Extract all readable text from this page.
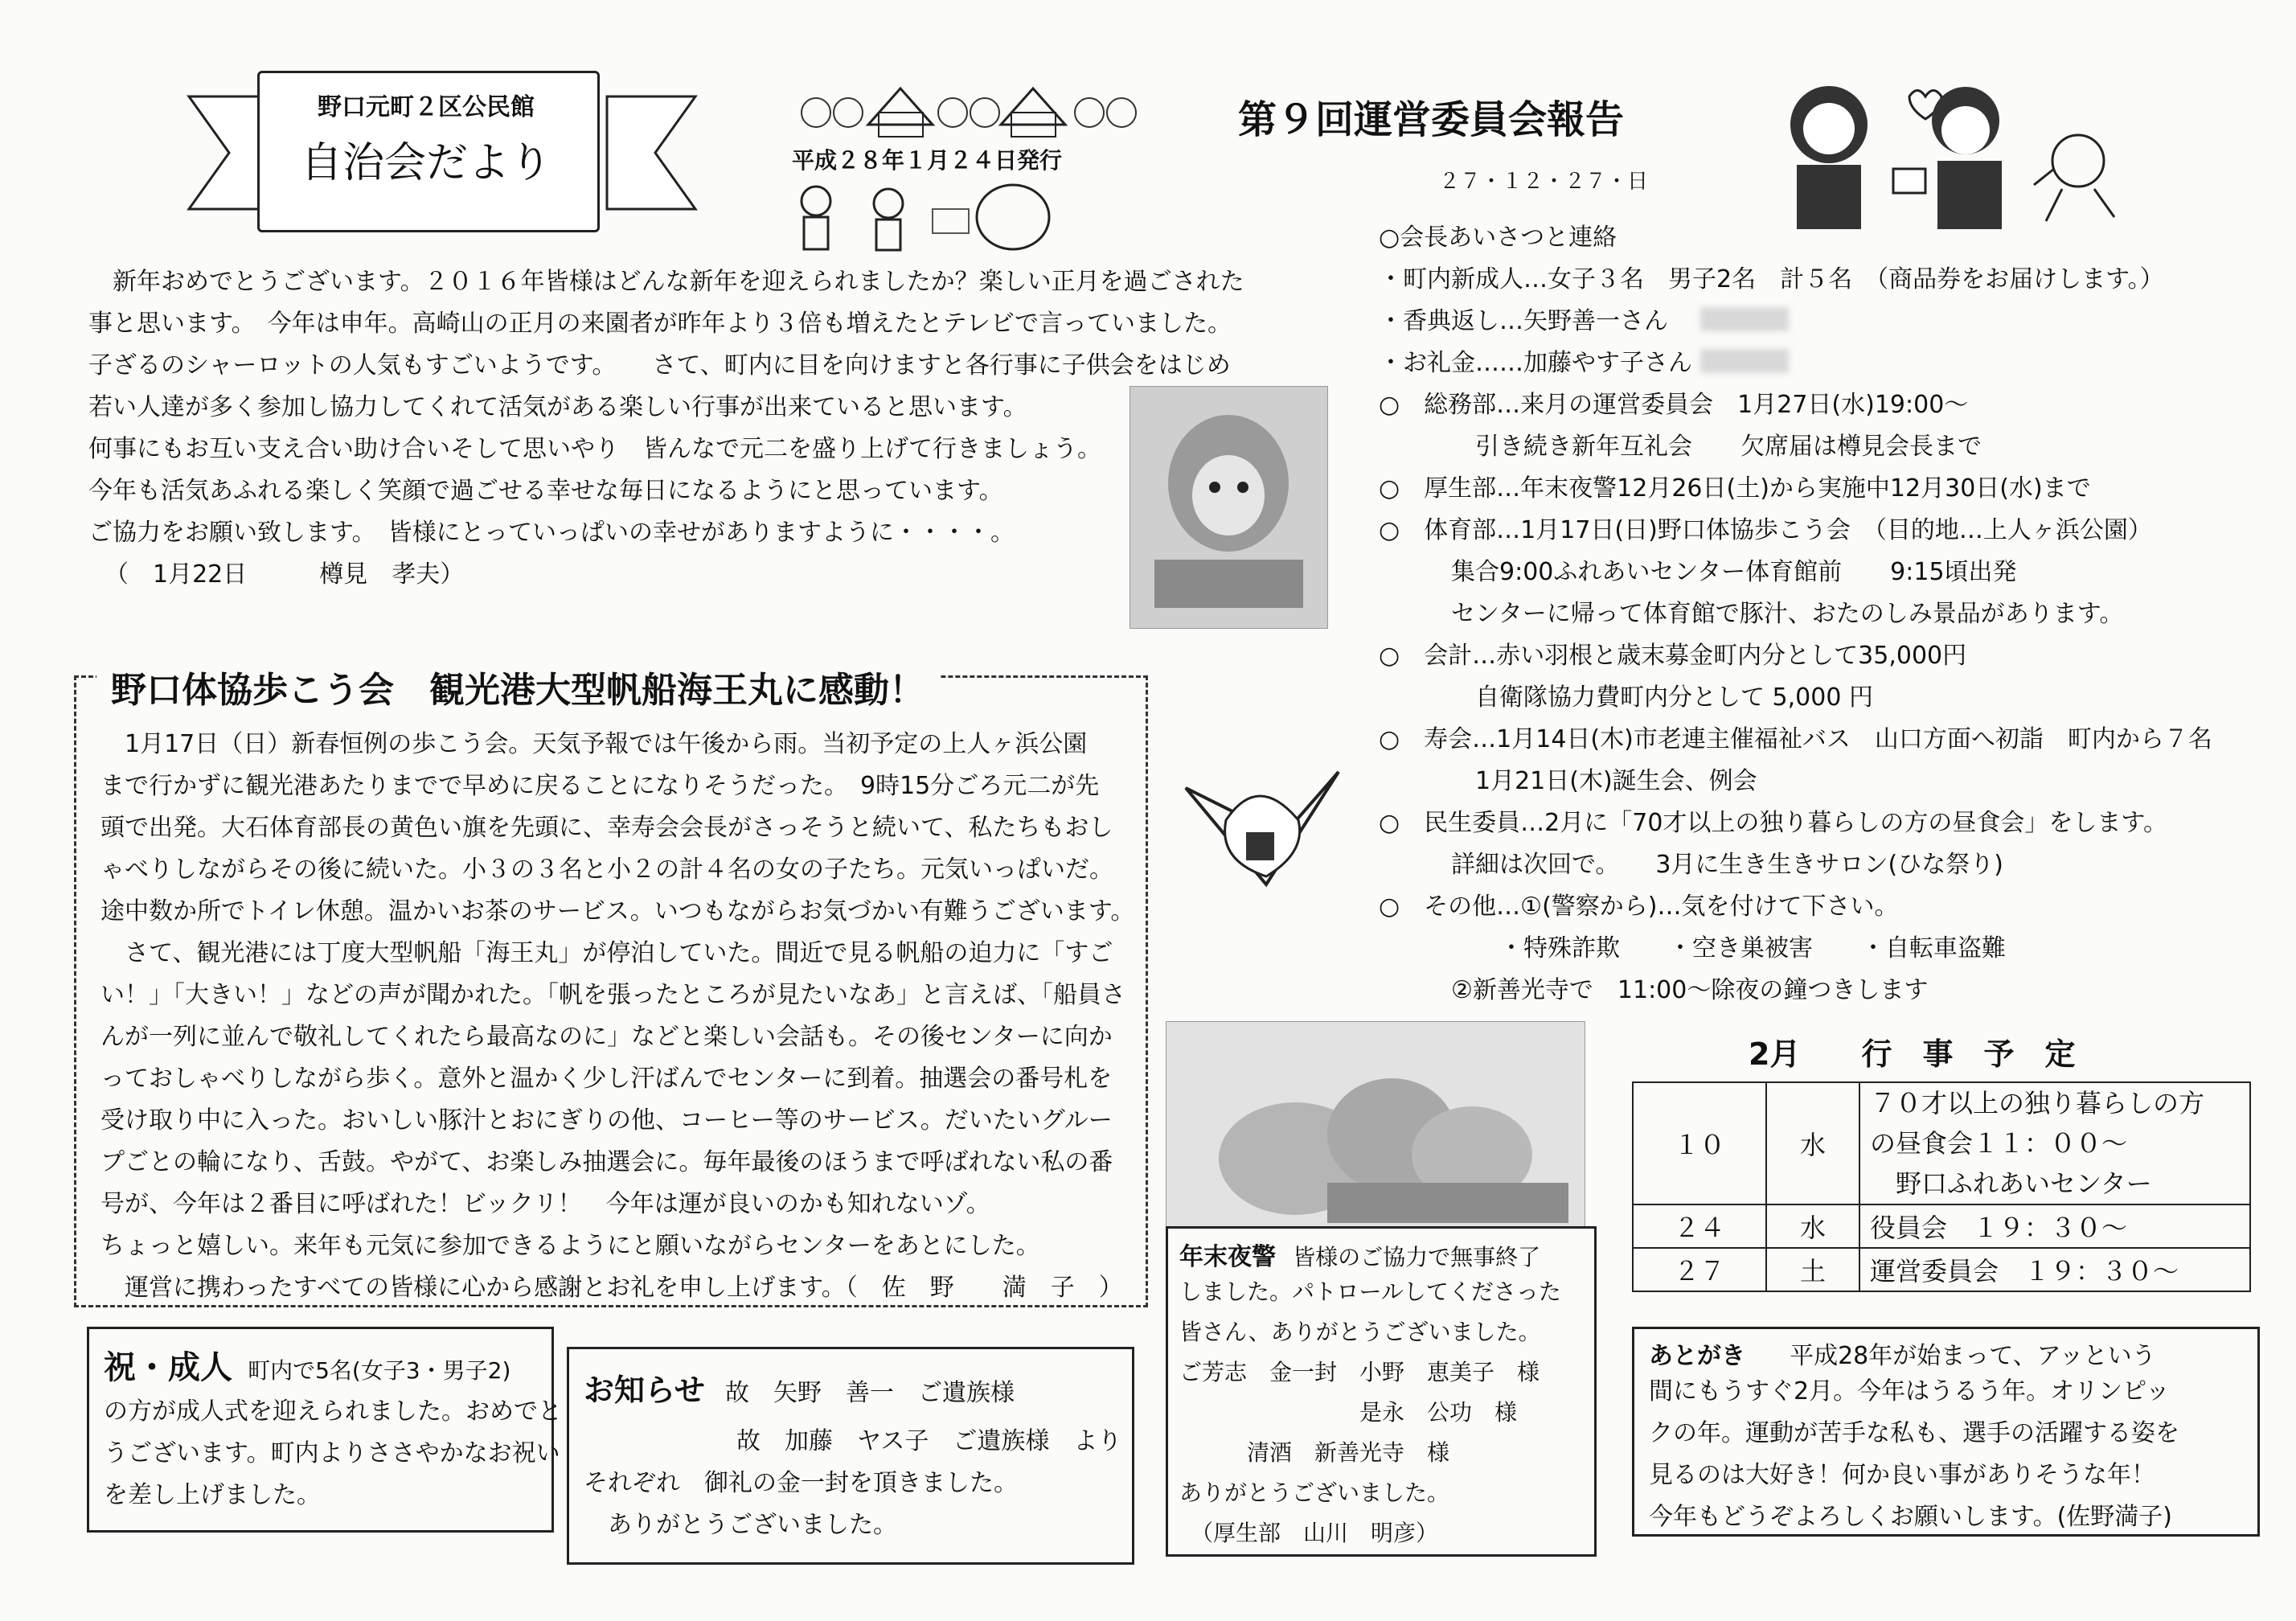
野口元町２区公民館
自治会だより	平成２８年１月２４日発行
第９回運営委員会報告
２７・１２・２７・日
　新年おめでとうございます。２０１６年皆様はどんな新年を迎えられましたか？楽しい正月を過ごされた
事と思います。　今年は申年。高崎山の正月の来園者が昨年より３倍も増えたとテレビで言っていました。
子ざるのシャーロットの人気もすごいようです。　　さて、町内に目を向けますと各行事に子供会をはじめ
若い人達が多く参加し協力してくれて活気がある楽しい行事が出来ていると思います。
何事にもお互い支え合い助け合いそして思いやり　皆んなで元二を盛り上げて行きましょう。
今年も活気あふれる楽しく笑顔で過ごせる幸せな毎日になるようにと思っています。
ご協力をお願い致します。　皆様にとっていっぱいの幸せがありますように・・・・。
（　1月22日　　　樽見　孝夫）
野口体協歩こう会　観光港大型帆船海王丸に感動！
　1月17日（日）新春恒例の歩こう会。天気予報では午後から雨。当初予定の上人ヶ浜公園
まで行かずに観光港あたりまでで早めに戻ることになりそうだった。　9時15分ごろ元二が先
頭で出発。大石体育部長の黄色い旗を先頭に、幸寿会会長がさっそうと続いて、私たちもおし
ゃべりしながらその後に続いた。小３の３名と小２の計４名の女の子たち。元気いっぱいだ。
途中数か所でトイレ休憩。温かいお茶のサービス。いつもながらお気づかい有難うございます。
　さて、観光港には丁度大型帆船「海王丸」が停泊していた。間近で見る帆船の迫力に「すご
い！」「大きい！」などの声が聞かれた。「帆を張ったところが見たいなあ」と言えば、「船員さ
んが一列に並んで敬礼してくれたら最高なのに」などと楽しい会話も。その後センターに向か
っておしゃべりしながら歩く。意外と温かく少し汗ばんでセンターに到着。抽選会の番号札を
受け取り中に入った。おいしい豚汁とおにぎりの他、コーヒー等のサービス。だいたいグルー
プごとの輪になり、舌鼓。やがて、お楽しみ抽選会に。毎年最後のほうまで呼ばれない私の番
号が、今年は２番目に呼ばれた！ビックリ！　今年は運が良いのかも知れないゾ。
ちょっと嬉しい。来年も元気に参加できるようにと願いながらセンターをあとにした。
　運営に携わったすべての皆様に心から感謝とお礼を申し上げます。（　佐　野　　満　子　）
祝・成人 町内で5名(女子3・男子2)
の方が成人式を迎えられました。おめでと
うございます。町内よりささやかなお祝い
を差し上げました。
お知らせ 故　矢野　善一　ご遺族様
故　加藤　ヤス子　ご遺族様　より
それぞれ　御礼の金一封を頂きました。
　ありがとうございました。
○会長あいさつと連絡
・町内新成人…女子３名　男子2名　計５名　（商品券をお届けします。）
・香典返し…矢野善一さん
・お礼金……加藤やす子さん
○　総務部…来月の運営委員会　1月27日(水)19:00～
　　　　引き続き新年互礼会　　欠席届は樽見会長まで
○　厚生部…年末夜警12月26日(土)から実施中12月30日(水)まで
○　体育部…1月17日(日)野口体協歩こう会　（目的地…上人ヶ浜公園）
　　　集合9:00ふれあいセンター体育館前　　9:15頃出発
　　　センターに帰って体育館で豚汁、おたのしみ景品があります。
○　会計…赤い羽根と歳末募金町内分として35,000円
　　　　自衛隊協力費町内分として 5,000 円
○　寿会…1月14日(木)市老連主催福祉バス　山口方面へ初詣　町内から７名
　　　　1月21日(木)誕生会、例会
○　民生委員…2月に「70才以上の独り暮らしの方の昼食会」をします。
　　　詳細は次回で。　　3月に生き生きサロン(ひな祭り)
○　その他…①(警察から)…気を付けて下さい。
　　　　　・特殊詐欺　　・空き巣被害　　・自転車盗難
　　　②新善光寺で　11:00～除夜の鐘つきします
年末夜警 皆様のご協力で無事終了
しました。パトロールしてくださった
皆さん、ありがとうございました。
ご芳志　金一封　小野　恵美子　様
　　　　　　　　是永　公功　様
　　　清酒　新善光寺　様
ありがとうございました。
　（厚生部　山川　明彦）
2月　　行　事　予　定
１０	水	７０才以上の独り暮らしの方
の昼食会１１：００～
　野口ふれあいセンター

２４	水	役員会　１９：３０～
２７	土	運営委員会　１９：３０～
あとがき 平成28年が始まって、アッという
間にもうすぐ2月。今年はうるう年。オリンピッ
クの年。運動が苦手な私も、選手の活躍する姿を
見るのは大好き！何か良い事がありそうな年！
今年もどうぞよろしくお願いします。(佐野満子)
